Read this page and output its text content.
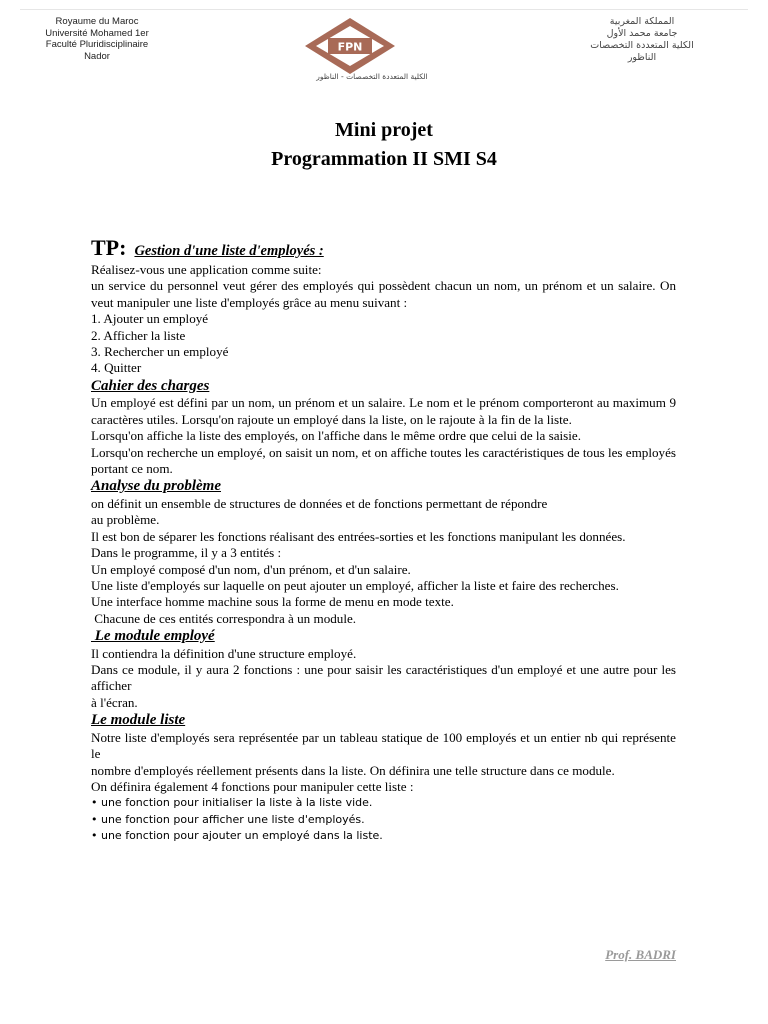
Royaume du Maroc
Université Mohamed 1er
Faculté Pluridisciplinaire
Nador
FPN
الكلية المتعددة التخصصات - الناظور
المملكة المغربية
جامعة محمد الأول
الكلية المتعددة التخصصات
الناظور
Mini projet
Programmation II SMI S4
TP: Gestion d'une liste d'employés :

Réalisez-vous une application comme suite:

un service du personnel veut gérer des employés qui possèdent chacun un nom, un prénom et un salaire. On veut manipuler une liste d'employés grâce au menu suivant :

1. Ajouter un employé

2. Afficher la liste

3. Rechercher un employé

4. Quitter

Cahier des charges

Un employé est défini par un nom, un prénom et un salaire. Le nom et le prénom comporteront au maximum 9 caractères utiles. Lorsqu'on rajoute un employé dans la liste, on le rajoute à la fin de la liste.

Lorsqu'on affiche la liste des employés, on l'affiche dans le même ordre que celui de la saisie.

Lorsqu'on recherche un employé, on saisit un nom, et on affiche toutes les caractéristiques de tous les employés portant ce nom.

Analyse du problème

on définit un ensemble de structures de données et de fonctions permettant de répondre

au problème.

Il est bon de séparer les fonctions réalisant des entrées-sorties et les fonctions manipulant les données.

Dans le programme, il y a 3 entités :

Un employé composé d'un nom, d'un prénom, et d'un salaire.

Une liste d'employés sur laquelle on peut ajouter un employé, afficher la liste et faire des recherches.

Une interface homme machine sous la forme de menu en mode texte.

Chacune de ces entités correspondra à un module.

Le module employé

Il contiendra la définition d'une structure employé.

Dans ce module, il y aura 2 fonctions : une pour saisir les caractéristiques d'un employé et une autre pour les afficher

à l'écran.

Le module liste

Notre liste d'employés sera représentée par un tableau statique de 100 employés et un entier nb qui représente le

nombre d'employés réellement présents dans la liste. On définira une telle structure dans ce module.

On définira également 4 fonctions pour manipuler cette liste :

• une fonction pour initialiser la liste à la liste vide.

• une fonction pour afficher une liste d'employés.

• une fonction pour ajouter un employé dans la liste.

Prof. BADRI
